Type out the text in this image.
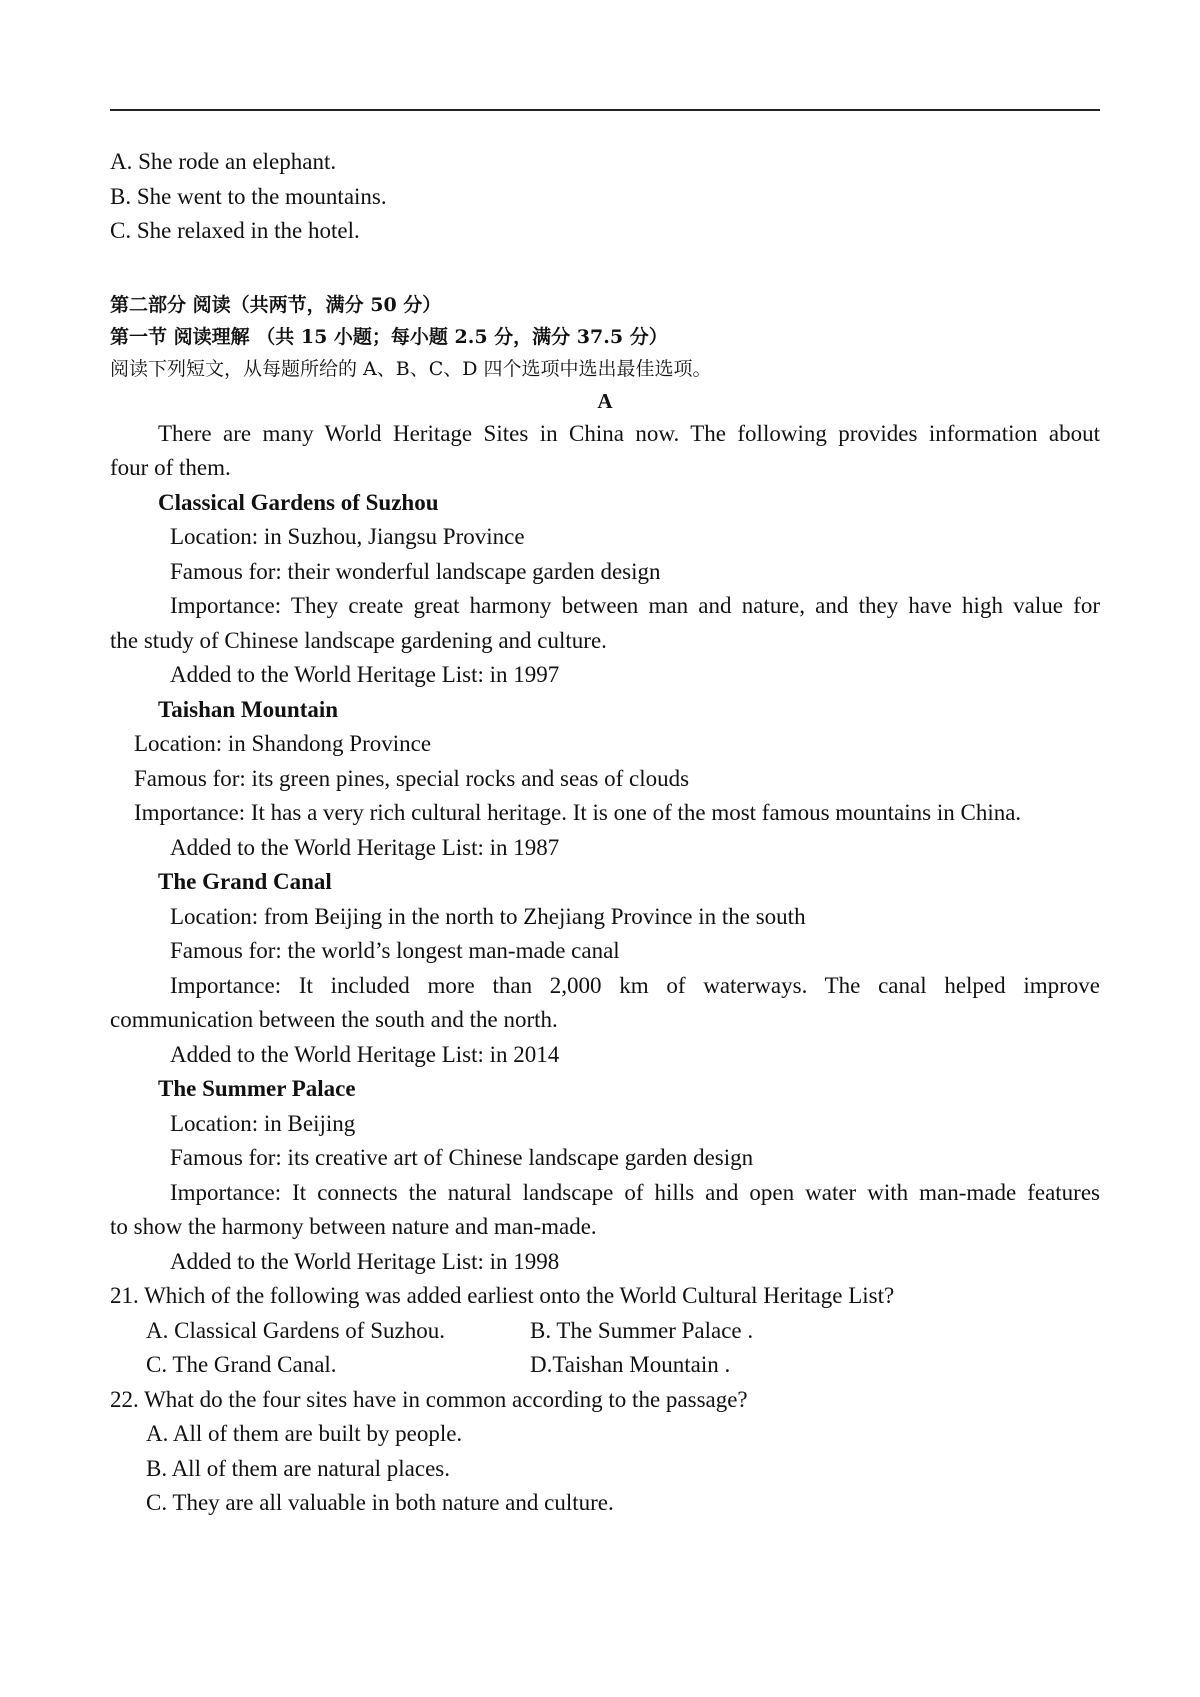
A. She rode an elephant.
B. She went to the mountains.
C. She relaxed in the hotel.
第二部分 阅读（共两节，满分 50 分）
第一节 阅读理解 （共 15 小题；每小题 2.5 分，满分 37.5 分）
阅读下列短文，从每题所给的 A、B、C、D 四个选项中选出最佳选项。
A
There are many World Heritage Sites in China now. The following provides information about
four of them.
Classical Gardens of Suzhou
Location: in Suzhou, Jiangsu Province
Famous for: their wonderful landscape garden design
Importance: They create great harmony between man and nature, and they have high value for
the study of Chinese landscape gardening and culture.
Added to the World Heritage List: in 1997
Taishan Mountain
Location: in Shandong Province
Famous for: its green pines, special rocks and seas of clouds
Importance: It has a very rich cultural heritage. It is one of the most famous mountains in China.
Added to the World Heritage List: in 1987
The Grand Canal
Location: from Beijing in the north to Zhejiang Province in the south
Famous for: the world’s longest man-made canal
Importance: It included more than 2,000 km of waterways. The canal helped improve
communication between the south and the north.
Added to the World Heritage List: in 2014
The Summer Palace
Location: in Beijing
Famous for: its creative art of Chinese landscape garden design
Importance: It connects the natural landscape of hills and open water with man-made features
to show the harmony between nature and man-made.
Added to the World Heritage List: in 1998
21. Which of the following was added earliest onto the World Cultural Heritage List?
A. Classical Gardens of Suzhou.	B. The Summer Palace .
C. The Grand Canal.	D.Taishan Mountain .
22. What do the four sites have in common according to the passage?
A. All of them are built by people.
B. All of them are natural places.
C. They are all valuable in both nature and culture.
